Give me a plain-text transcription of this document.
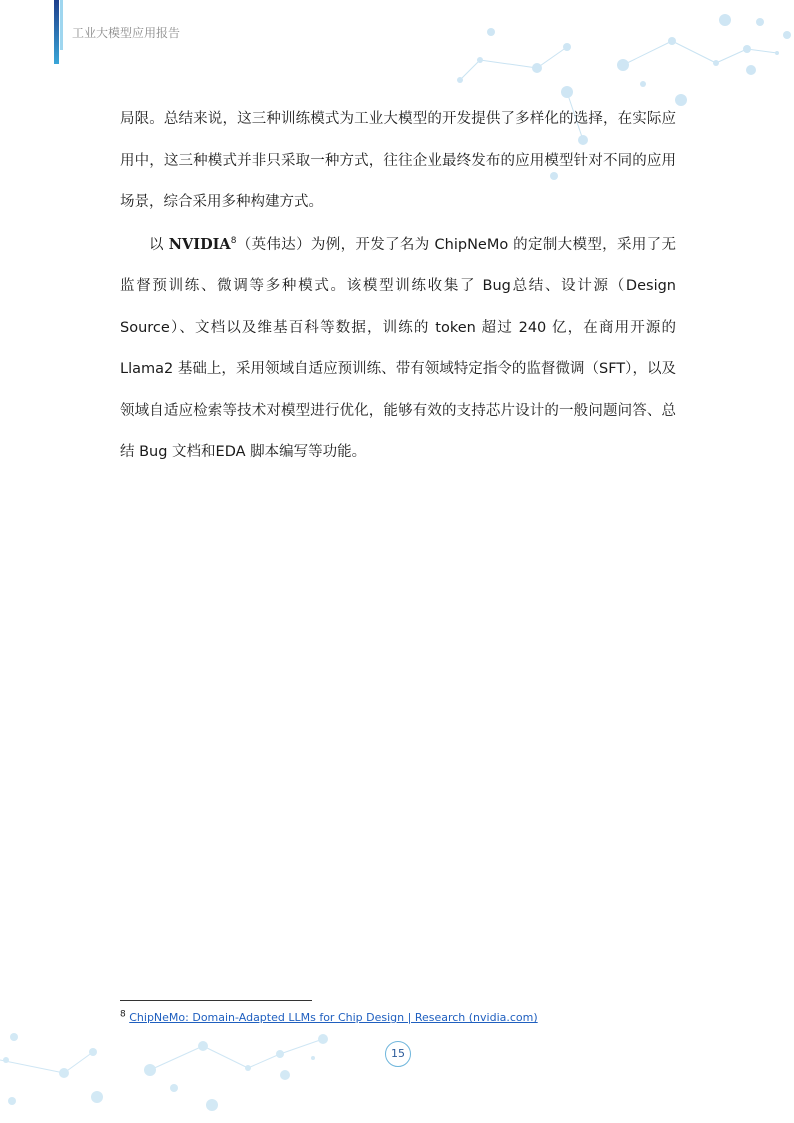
工业大模型应用报告

局限。总结来说，这三种训练模式为工业大模型的开发提供了多样化的选择，在实际应用中，这三种模式并非只采取一种方式，往往企业最终发布的应用模型针对不同的应用场景，综合采用多种构建方式。

以 NVIDIA$^8$（英伟达）为例，开发了名为 ChipNeMo 的定制大模型，采用了无监督预训练、微调等多种模式。该模型训练收集了 Bug总结、设计源（Design Source）、文档以及维基百科等数据，训练的 token 超过 240 亿，在商用开源的 Llama2 基础上，采用领域自适应预训练、带有领域特定指令的监督微调（SFT），以及领域自适应检索等技术对模型进行优化，能够有效的支持芯片设计的一般问题问答、总结 Bug 文档和EDA 脚本编写等功能。

$^8$ ChipNeMo: Domain-Adapted LLMs for Chip Design | Research (nvidia.com)
15
